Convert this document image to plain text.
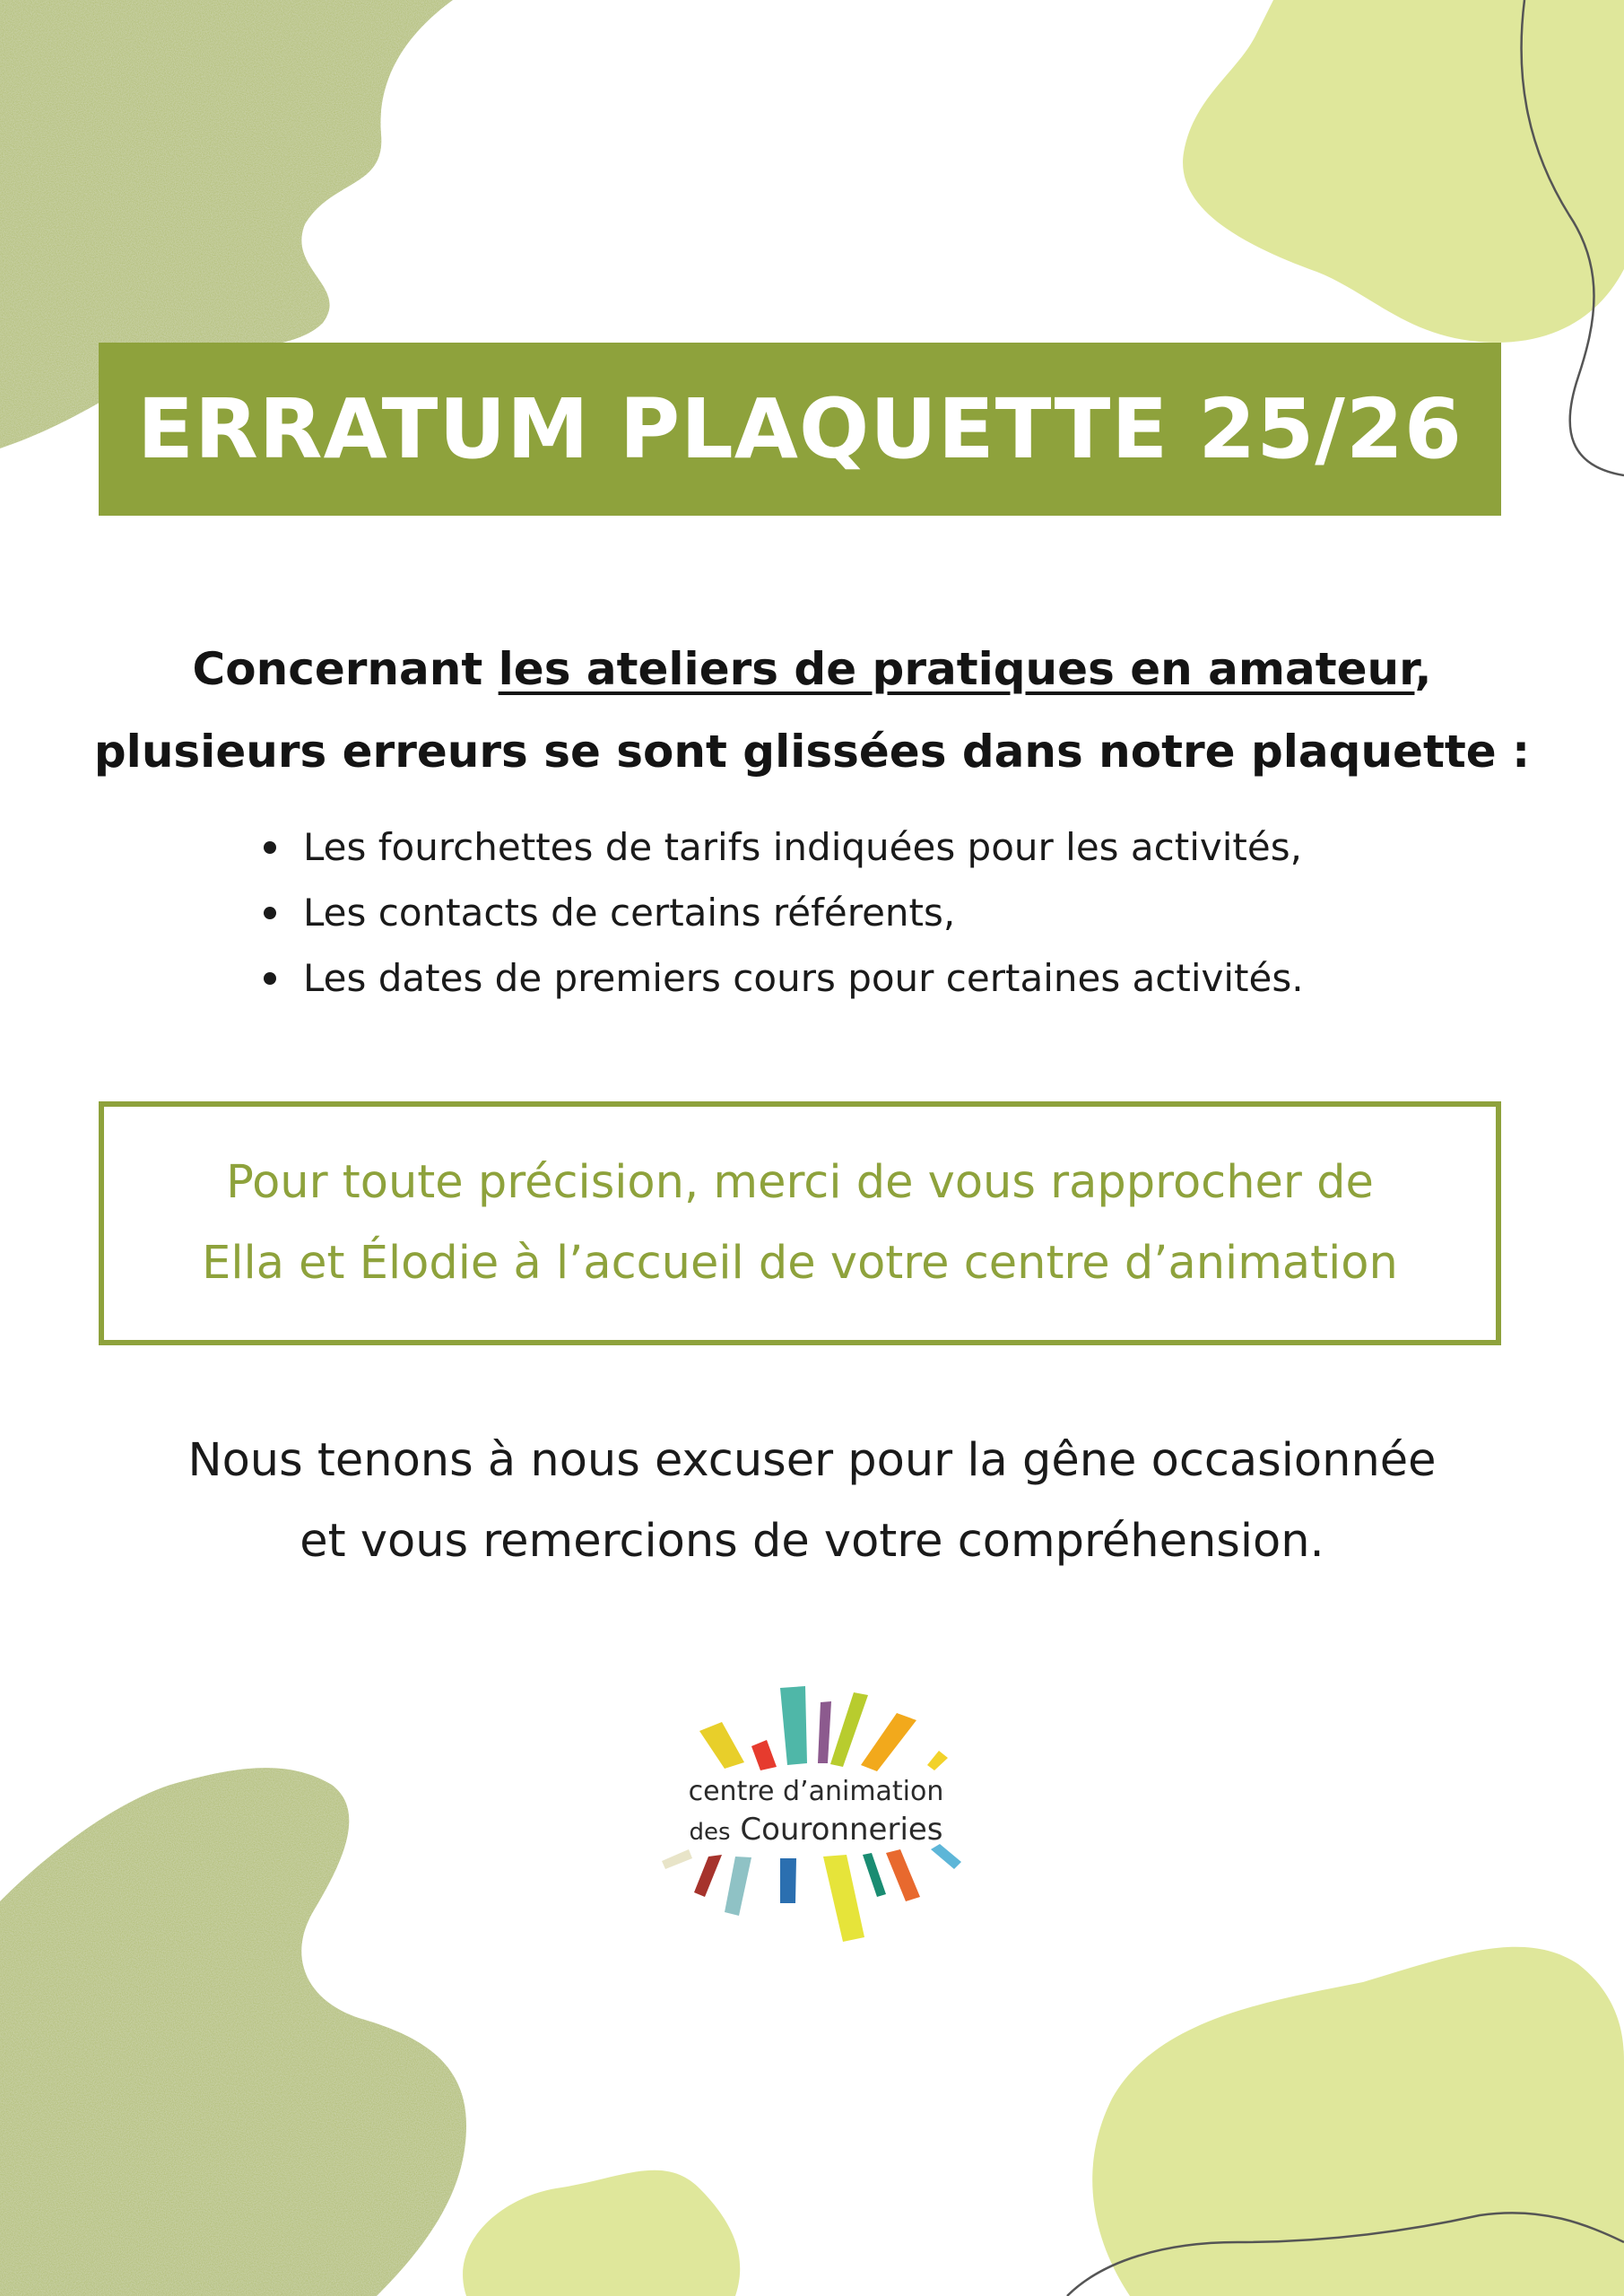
ERRATUM PLAQUETTE 25/26
Concernant les ateliers de pratiques en amateur,
plusieurs erreurs se sont glissées dans notre plaquette :
Les fourchettes de tarifs indiquées pour les activités,
Les contacts de certains référents,
Les dates de premiers cours pour certaines activités.
Pour toute précision, merci de vous rapprocher de
Ella et Élodie à l’accueil de votre centre d’animation
Nous tenons à nous excuser pour la gêne occasionnée
et vous remercions de votre compréhension.
centre d’animation
des Couronneries
